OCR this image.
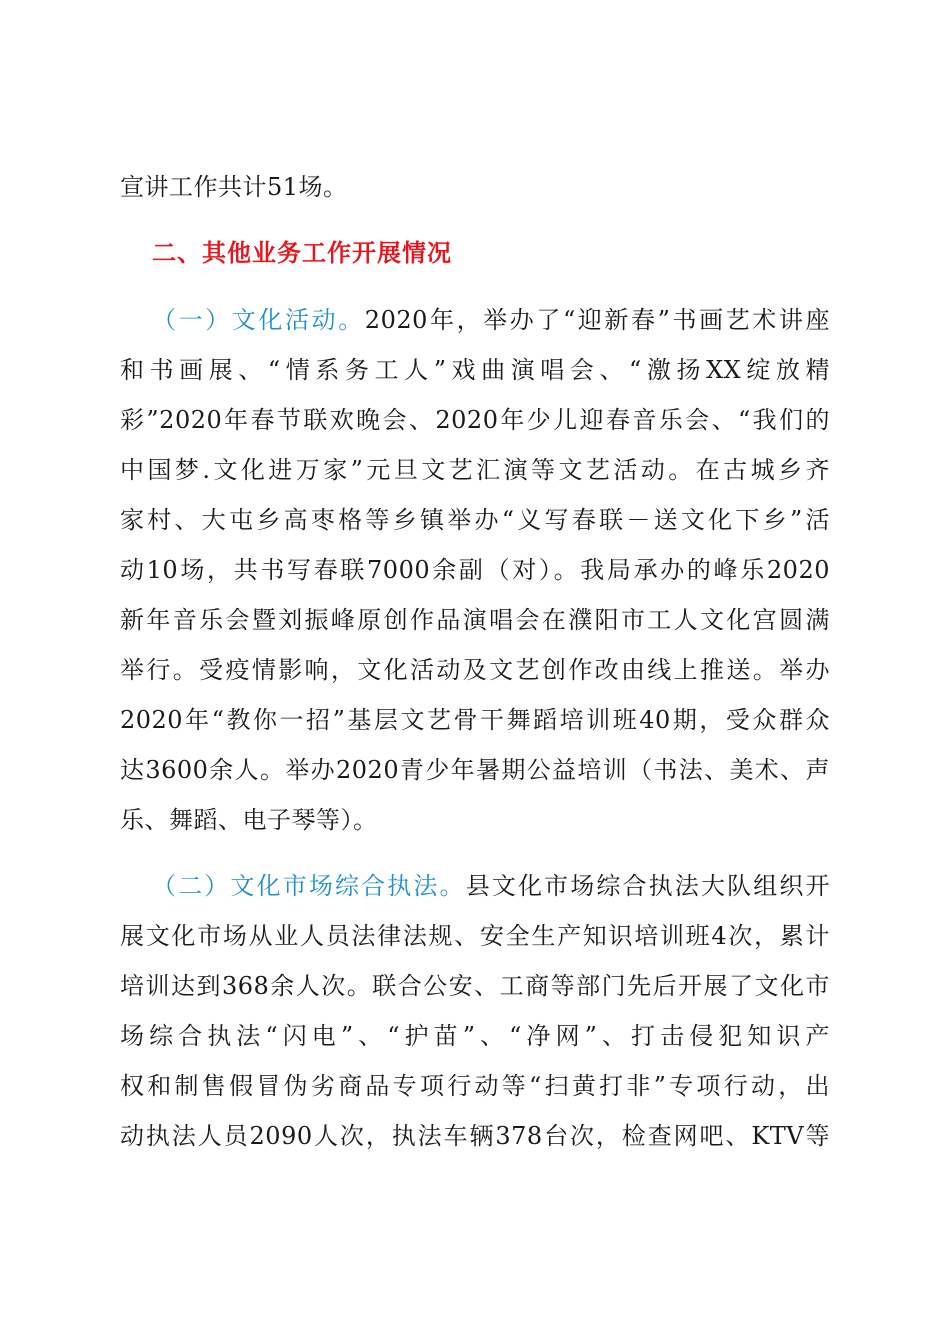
宣讲工作共计51场。
二、其他业务工作开展情况
（一）文化活动。2020年，举办了“迎新春”书画艺术讲座
和书画展、“情系务工人”戏曲演唱会、“激扬XX绽放精
彩”2020年春节联欢晚会、2020年少儿迎春音乐会、“我们的
中国梦.文化进万家”元旦文艺汇演等文艺活动。在古城乡齐
家村、大屯乡高枣格等乡镇举办“义写春联－送文化下乡”活
动10场，共书写春联7000余副（对）。我局承办的峰乐2020
新年音乐会暨刘振峰原创作品演唱会在濮阳市工人文化宫圆满
举行。受疫情影响，文化活动及文艺创作改由线上推送。举办
2020年“教你一招”基层文艺骨干舞蹈培训班40期，受众群众
达3600余人。举办2020青少年暑期公益培训（书法、美术、声
乐、舞蹈、电子琴等）。
（二）文化市场综合执法。县文化市场综合执法大队组织开
展文化市场从业人员法律法规、安全生产知识培训班4次，累计
培训达到368余人次。联合公安、工商等部门先后开展了文化市
场综合执法“闪电”、“护苗”、“净网”、打击侵犯知识产
权和制售假冒伪劣商品专项行动等“扫黄打非”专项行动，出
动执法人员2090人次，执法车辆378台次，检查网吧、KTV等
